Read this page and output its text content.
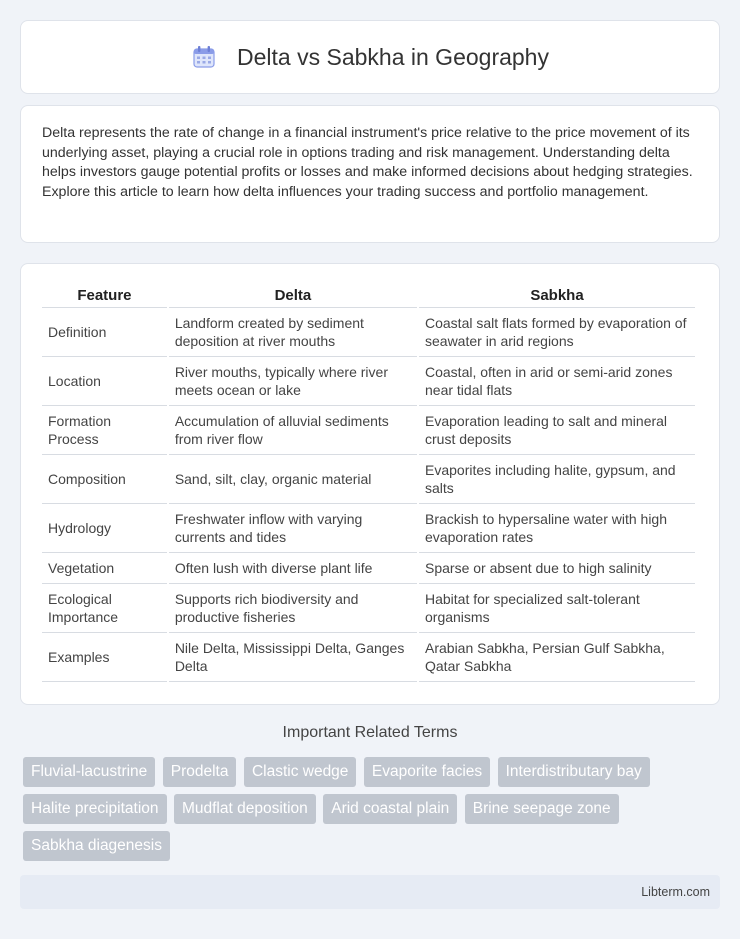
Delta vs Sabkha in Geography

Delta represents the rate of change in a financial instrument's price relative to the price movement of its underlying asset, playing a crucial role in options trading and risk management. Understanding delta helps investors gauge potential profits or losses and make informed decisions about hedging strategies. Explore this article to learn how delta influences your trading success and portfolio management.

Feature	Delta	Sabkha
Definition	Landform created by sediment deposition at river mouths	Coastal salt flats formed by evaporation of seawater in arid regions
Location	River mouths, typically where river meets ocean or lake	Coastal, often in arid or semi-arid zones near tidal flats
Formation Process	Accumulation of alluvial sediments from river flow	Evaporation leading to salt and mineral crust deposits
Composition	Sand, silt, clay, organic material	Evaporites including halite, gypsum, and salts
Hydrology	Freshwater inflow with varying currents and tides	Brackish to hypersaline water with high evaporation rates
Vegetation	Often lush with diverse plant life	Sparse or absent due to high salinity
Ecological Importance	Supports rich biodiversity and productive fisheries	Habitat for specialized salt-tolerant organisms
Examples	Nile Delta, Mississippi Delta, Ganges Delta	Arabian Sabkha, Persian Gulf Sabkha, Qatar Sabkha
Important Related Terms
Fluvial-lacustrine Prodelta Clastic wedge Evaporite facies Interdistributary bay Halite precipitation Mudflat deposition Arid coastal plain Brine seepage zone Sabkha diagenesis
Libterm.com
